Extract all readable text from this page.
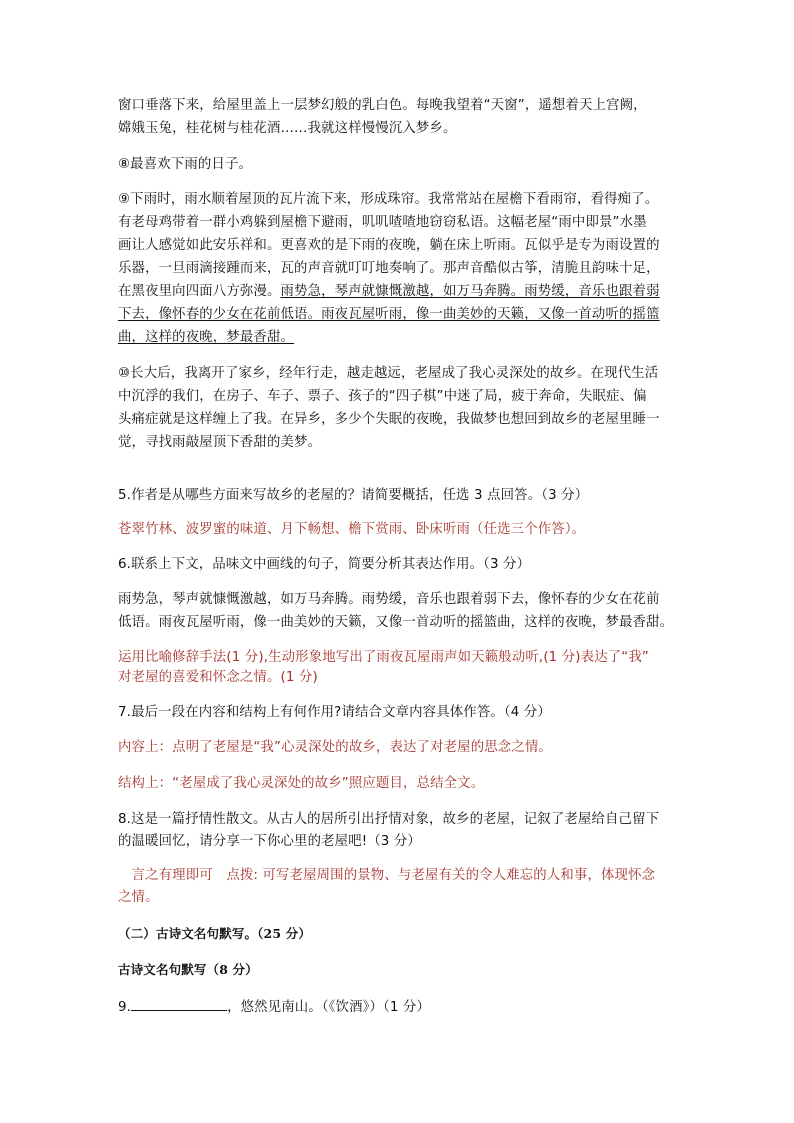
窗口垂落下来，给屋里盖上一层梦幻般的乳白色。每晚我望着“天窗”，遥想着天上宫阙，
嫦娥玉兔，桂花树与桂花酒……我就这样慢慢沉入梦乡。
⑧最喜欢下雨的日子。
⑨下雨时，雨水顺着屋顶的瓦片流下来，形成珠帘。我常常站在屋檐下看雨帘，看得痴了。
有老母鸡带着一群小鸡躲到屋檐下避雨，叽叽喳喳地窃窃私语。这幅老屋“雨中即景”水墨
画让人感觉如此安乐祥和。更喜欢的是下雨的夜晚，躺在床上听雨。瓦似乎是专为雨设置的
乐器，一旦雨滴接踵而来，瓦的声音就叮叮地奏响了。那声音酷似古筝，清脆且韵味十足，
在黑夜里向四面八方弥漫。雨势急，琴声就慷慨激越，如万马奔腾。雨势缓，音乐也跟着弱
下去，像怀春的少女在花前低语。雨夜瓦屋听雨，像一曲美妙的天籁，又像一首动听的摇篮
曲，这样的夜晚，梦最香甜。
⑩长大后，我离开了家乡，经年行走，越走越远，老屋成了我心灵深处的故乡。在现代生活
中沉浮的我们，在房子、车子、票子、孩子的“四子棋”中迷了局，疲于奔命，失眠症、偏
头痛症就是这样缠上了我。在异乡，多少个失眠的夜晚，我做梦也想回到故乡的老屋里睡一
觉，寻找雨敲屋顶下香甜的美梦。
5.作者是从哪些方面来写故乡的老屋的？请简要概括，任选 3 点回答。（3 分）
苍翠竹林、波罗蜜的味道、月下畅想、檐下赏雨、卧床听雨（任选三个作答）。
6.联系上下文，品味文中画线的句子，简要分析其表达作用。（3 分）
雨势急，琴声就慷慨激越，如万马奔腾。雨势缓，音乐也跟着弱下去，像怀春的少女在花前
低语。雨夜瓦屋听雨，像一曲美妙的天籁，又像一首动听的摇篮曲，这样的夜晚，梦最香甜。
运用比喻修辞手法(1 分),生动形象地写出了雨夜瓦屋雨声如天籁般动听,(1 分)表达了“我”
对老屋的喜爱和怀念之情。(1 分)
7.最后一段在内容和结构上有何作用?请结合文章内容具体作答。（4 分）
内容上：点明了老屋是“我”心灵深处的故乡，表达了对老屋的思念之情。
结构上：“老屋成了我心灵深处的故乡”照应题目，总结全文。
8.这是一篇抒情性散文。从古人的居所引出抒情对象，故乡的老屋，记叙了老屋给自己留下
的温暖回忆，请分享一下你心里的老屋吧!（3 分）
　言之有理即可　点拨: 可写老屋周围的景物、与老屋有关的令人难忘的人和事，体现怀念
之情。
（二）古诗文名句默写。（25 分）
古诗文名句默写（8 分）
9.	，悠然见南山。（《饮酒》）（1 分）
